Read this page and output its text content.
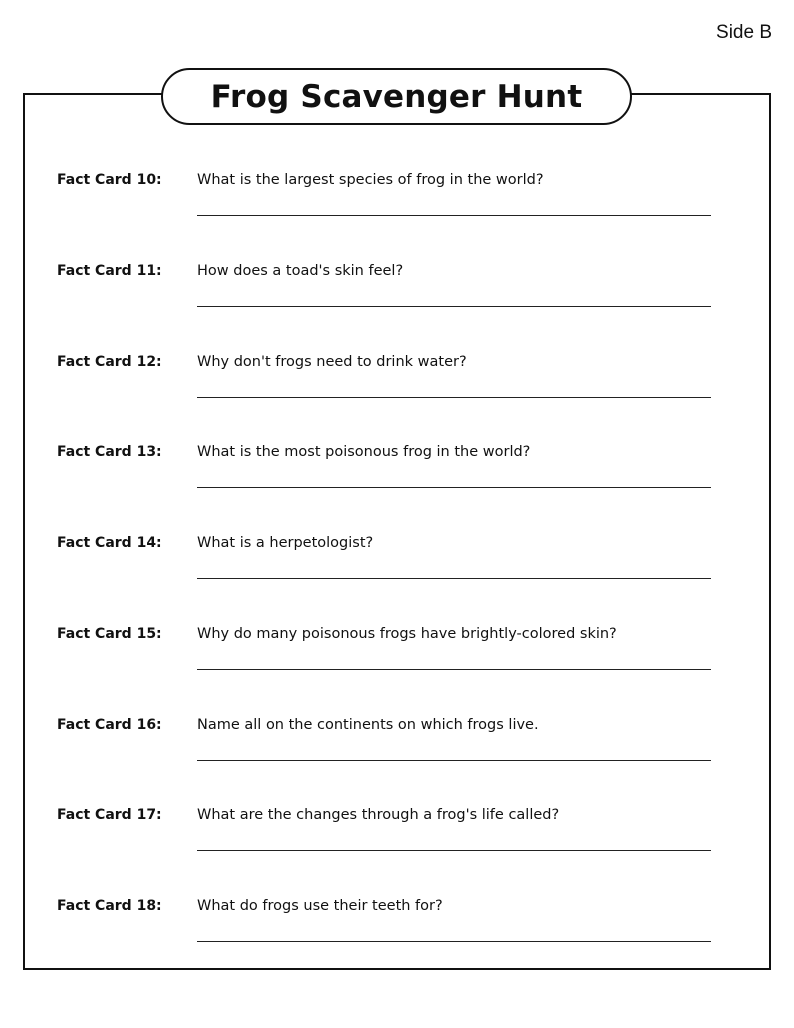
Side B
Frog Scavenger Hunt
Fact Card 10: What is the largest species of frog in the world?
Fact Card 11: How does a toad's skin feel?
Fact Card 12: Why don't frogs need to drink water?
Fact Card 13: What is the most poisonous frog in the world?
Fact Card 14: What is a herpetologist?
Fact Card 15: Why do many poisonous frogs have brightly-colored skin?
Fact Card 16: Name all on the continents on which frogs live.
Fact Card 17: What are the changes through a frog's life called?
Fact Card 18: What do frogs use their teeth for?
